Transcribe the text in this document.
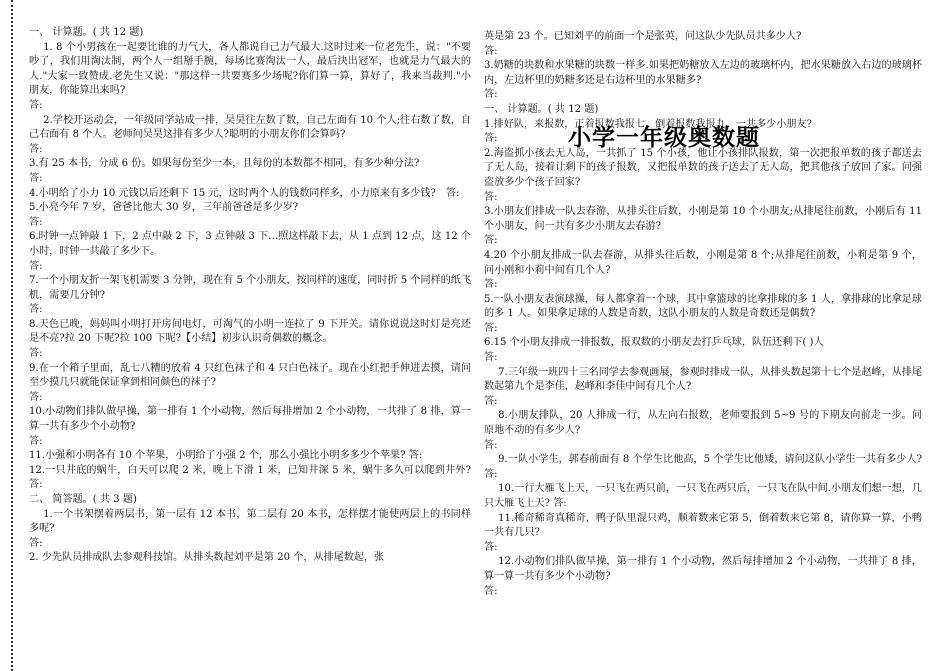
一、 计算题。( 共 12 题)

1. 8 个小男孩在一起要比谁的力气大，各人都说自己力气最大.这时过来一位老先生，说："不要吵了，我们用淘汰制，两个人一组掰手腕，每场比赛淘汰一人，最后決出冠军，也就是力气最大的人."大家一致赞成.老先生又说："那这样一共要赛多少场呢?你们算一算，算好了，我来当裁判."小朋友，你能算出来吗?

答:

2.学校开运动会，一年级同学站成一排，吴昊往左数了数，自己左面有 10 个人;往右数了数，自己右面有 8 个人。老师问吴昊这排有多少人?聪明的小朋友你们会算吗?

答:

3.有 25 本书，分成 6 份。如果每份至少一本，且每份的本数都不相同，有多少种分法?

答:

4.小明给了小力 10 元钱以后还剩下 15 元，这时两个人的钱数同样多，小力原来有多少钱?　答:

5.小亮今年 7 岁，爸爸比他大 30 岁，三年前爸爸是多少岁?

答:

6.时钟一点钟敲 1 下，2 点中敲 2 下，3 点钟敲 3 下…照这样敲下去，从 1 点到 12 点，这 12 个小时，时钟一共敲了多少下。

答:

7.一个小朋友折一架飞机需要 3 分钟，现在有 5 个小朋友，按同样的速度，同时折 5 个同样的纸飞机，需要几分钟?

答:

8.天色已晚，妈妈叫小明打开房间电灯，可淘气的小明一连拉了 9 下开关。请你说说这时灯是亮还是不亮?拉 20 下呢?拉 100 下呢?【小结】初步认识奇偶数的概念。

答:

9.在一个箱子里面，乱七八糟的放着 4 只红色袜子和 4 只白色袜子。现在小红把手伸进去摸，请问至少摸几只就能保证拿到相同颜色的袜子?

答:

10.小动物们排队做早操，第一排有 1 个小动物，然后每排增加 2 个小动物，一共排了 8 排，算一算一共有多少个小动物?

答:

11.小强和小明各有 10 个苹果，小明给了小强 2 个，那么小强比小明多多少个苹果? 答:

12.一只井底的蜗牛，白天可以爬 2 米，晚上下滑 1 米，已知井深 5 米，蜗牛多久可以爬到井外? 答:

二、 简答题。( 共 3 题)

1.一个书架摆着两层书，第一层有 12 本书，第二层有 20 本书，怎样摆才能使两层上的书同样多呢?

答:

2. 少先队员排成队去参观科技馆。从排头数起刘平是第 20 个，从排尾数起，张

英是第 23 个。已知刘平的前面一个是张英，问这队少先队员共多少人?

答:

3.奶糖的块数和水果糖的块数一样多.如果把奶糖放入左边的玻璃杯内，把水果糖放入右边的玻璃杯内，左边杯里的奶糖多还是右边杯里的水果糖多?

答:

一、 计算题。( 共 12 题)

1.排好队，来报数，正着报数我报七，倒着报数我报九，一共多少小朋友?

答:

2.海盗抓小孩去无人岛，一共抓了 15 个小孩，他让小孩排队报数，第一次把报单数的孩子都送去了无人岛，接着让剩下的孩子报数，又把报单数的孩子送去了无人岛，把其他孩子放回了家。问强盗放多少个孩子回家?

答:

3.小朋友们排成一队去春游，从排头往后数，小刚是第 10 个小朋友;从排尾往前数，小刚后有 11 个小朋友，问一共有多少小朋友去春游?

答:

4.20 个小朋友排成一队去春游，从排头往后数，小刚是第 8 个;从排尾往前数，小莉是第 9 个，问小刚和小莉中间有几个人?

答:

5.一队小朋友表演球操，每人都拿着一个球，其中拿篮球的比拿排球的多 1 人，拿排球的比拿足球的多 1 人。如果拿足球的人数是奇数，这队小朋友的人数是奇数还是偶数?

答:

6.15 个小朋友排成一排报数，报双数的小朋友去打乒乓球，队伍还剩下( )人

答:

7.三年级一班四十三名同学去参观画展，参观时排成一队，从排头数起第十七个是赵峰，从排尾数起第九个是李佳，赵峰和李佳中间有几个人?

答:

8.小朋友排队，20 人排成一行，从左向右报数，老师要报到 5~9 号的下期友向前走一步。问原地不动的有多少人?

答:

9.一队小学生，郭春前面有 8 个学生比他高，5 个学生比他矮，请问这队小学生一共有多少人?　答:

10.一行大雁飞上天，一只飞在两只前，一只飞在两只后，一只飞在队中间.小朋友们想一想，几只大雁飞上天? 答:

11.稀奇稀奇真稀奇，鸭子队里混只鸡，顺着数来它第 5，倒着数来它第 8，请你算一算，小鸭一共有几只?

答:

12.小动物们排队做早操，第一排有 1 个小动物，然后每排增加 2 个小动物，一共排了 8 排，算一算一共有多少个小动物?

答:

小学一年级奥数题
